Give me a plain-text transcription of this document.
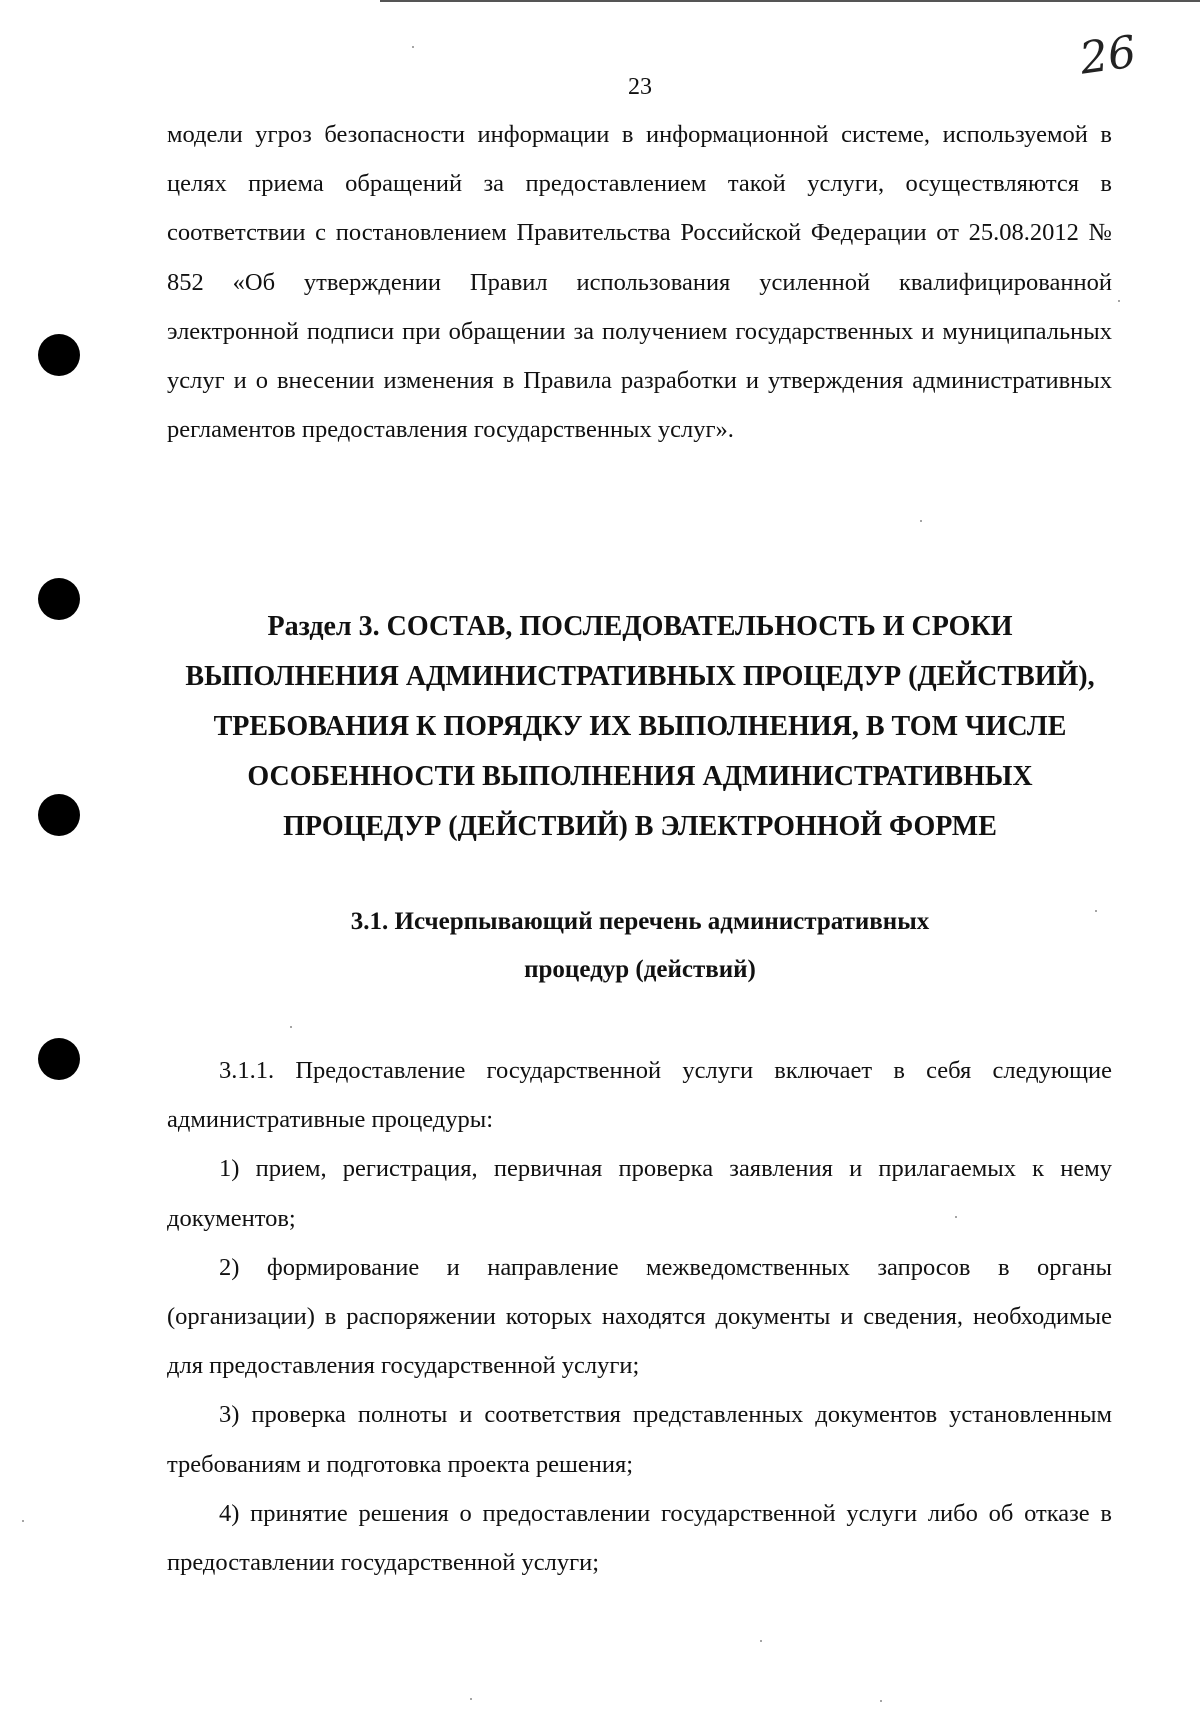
23
26

модели угроз безопасности информации в информационной системе, используемой в целях приема обращений за предоставлением такой услуги, осуществляются в соответствии с постановлением Правительства Российской Федерации от 25.08.2012 № 852 «Об утверждении Правил использования усиленной квалифицированной электронной подписи при обращении за получением государственных и муниципальных услуг и о внесении изменения в Правила разработки и утверждения административных регламентов предоставления государственных услуг».

Раздел 3. СОСТАВ, ПОСЛЕДОВАТЕЛЬНОСТЬ И СРОКИ
ВЫПОЛНЕНИЯ АДМИНИСТРАТИВНЫХ ПРОЦЕДУР (ДЕЙСТВИЙ),
ТРЕБОВАНИЯ К ПОРЯДКУ ИХ ВЫПОЛНЕНИЯ, В ТОМ ЧИСЛЕ
ОСОБЕННОСТИ ВЫПОЛНЕНИЯ АДМИНИСТРАТИВНЫХ
ПРОЦЕДУР (ДЕЙСТВИЙ) В ЭЛЕКТРОННОЙ ФОРМЕ
3.1. Исчерпывающий перечень административных
процедур (действий)

3.1.1. Предоставление государственной услуги включает в себя следующие административные процедуры:

1) прием, регистрация, первичная проверка заявления и прилагаемых к нему документов;

2) формирование и направление межведомственных запросов в органы (организации) в распоряжении которых находятся документы и сведения, необходимые для предоставления государственной услуги;

3) проверка полноты и соответствия представленных документов установленным требованиям и подготовка проекта решения;

4) принятие решения о предоставлении государственной услуги либо об отказе в предоставлении государственной услуги;
